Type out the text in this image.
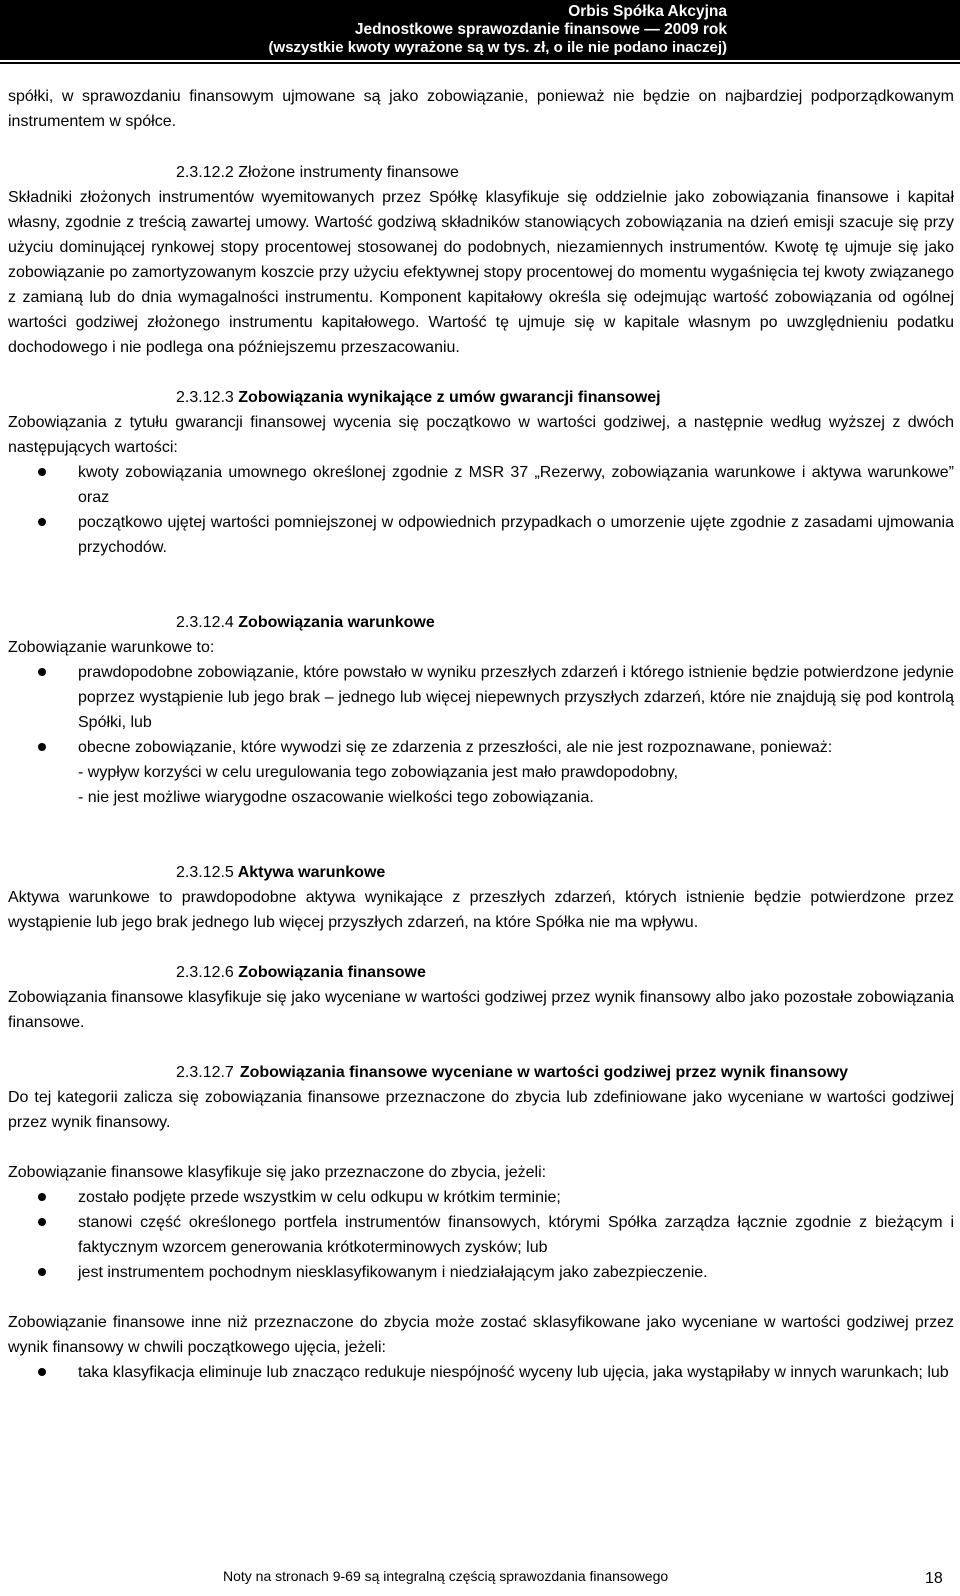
Orbis Spółka Akcyjna
Jednostkowe sprawozdanie finansowe — 2009 rok
(wszystkie kwoty wyrażone są w tys. zł, o ile nie podano inaczej)

spółki, w sprawozdaniu finansowym ujmowane są jako zobowiązanie, ponieważ nie będzie on najbardziej podporządkowanym instrumentem w spółce.

2.3.12.2 Złożone instrumenty finansowe

Składniki złożonych instrumentów wyemitowanych przez Spółkę klasyfikuje się oddzielnie jako zobowiązania finansowe i kapitał własny, zgodnie z treścią zawartej umowy. Wartość godziwą składników stanowiących zobowiązania na dzień emisji szacuje się przy użyciu dominującej rynkowej stopy procentowej stosowanej do podobnych, niezamiennych instrumentów. Kwotę tę ujmuje się jako zobowiązanie po zamortyzowanym koszcie przy użyciu efektywnej stopy procentowej do momentu wygaśnięcia tej kwoty związanego z zamianą lub do dnia wymagalności instrumentu. Komponent kapitałowy określa się odejmując wartość zobowiązania od ogólnej wartości godziwej złożonego instrumentu kapitałowego. Wartość tę ujmuje się w kapitale własnym po uwzględnieniu podatku dochodowego i nie podlega ona późniejszemu przeszacowaniu.

2.3.12.3 Zobowiązania wynikające z umów gwarancji finansowej

Zobowiązania z tytułu gwarancji finansowej wycenia się początkowo w wartości godziwej, a następnie według wyższej z dwóch następujących wartości:

kwoty zobowiązania umownego określonej zgodnie z MSR 37 „Rezerwy, zobowiązania warunkowe i aktywa warunkowe” oraz
początkowo ujętej wartości pomniejszonej w odpowiednich przypadkach o umorzenie ujęte zgodnie z zasadami ujmowania przychodów.

2.3.12.4 Zobowiązania warunkowe

Zobowiązanie warunkowe to:

prawdopodobne zobowiązanie, które powstało w wyniku przeszłych zdarzeń i którego istnienie będzie potwierdzone jedynie poprzez wystąpienie lub jego brak – jednego lub więcej niepewnych przyszłych zdarzeń, które nie znajdują się pod kontrolą Spółki, lub
obecne zobowiązanie, które wywodzi się ze zdarzenia z przeszłości, ale nie jest rozpoznawane, ponieważ:

- wypływ korzyści w celu uregulowania tego zobowiązania jest mało prawdopodobny,

- nie jest możliwe wiarygodne oszacowanie wielkości tego zobowiązania.

2.3.12.5 Aktywa warunkowe

Aktywa warunkowe to prawdopodobne aktywa wynikające z przeszłych zdarzeń, których istnienie będzie potwierdzone przez wystąpienie lub jego brak jednego lub więcej przyszłych zdarzeń, na które Spółka nie ma wpływu.

2.3.12.6 Zobowiązania finansowe

Zobowiązania finansowe klasyfikuje się jako wyceniane w wartości godziwej przez wynik finansowy albo jako pozostałe zobowiązania finansowe.

2.3.12.7 Zobowiązania finansowe wyceniane w wartości godziwej przez wynik finansowy

Do tej kategorii zalicza się zobowiązania finansowe przeznaczone do zbycia lub zdefiniowane jako wyceniane w wartości godziwej przez wynik finansowy.

Zobowiązanie finansowe klasyfikuje się jako przeznaczone do zbycia, jeżeli:

zostało podjęte przede wszystkim w celu odkupu w krótkim terminie;
stanowi część określonego portfela instrumentów finansowych, którymi Spółka zarządza łącznie zgodnie z bieżącym i faktycznym wzorcem generowania krótkoterminowych zysków; lub
jest instrumentem pochodnym niesklasyfikowanym i niedziałającym jako zabezpieczenie.

Zobowiązanie finansowe inne niż przeznaczone do zbycia może zostać sklasyfikowane jako wyceniane w wartości godziwej przez wynik finansowy w chwili początkowego ujęcia, jeżeli:

taka klasyfikacja eliminuje lub znacząco redukuje niespójność wyceny lub ujęcia, jaka wystąpiłaby w innych warunkach; lub
Noty na stronach 9-69 są integralną częścią sprawozdania finansowego	18
